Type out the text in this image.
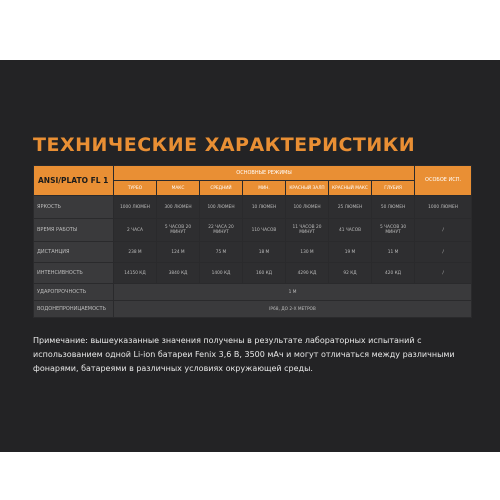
ТЕХНИЧЕСКИЕ ХАРАКТЕРИСТИКИ
ANSI/PLATO FL 1	ОСНОВНЫЕ РЕЖИМЫ							ОСОБОЕ ИСП.
	ТУРБО	МАКС	СРЕДНИЙ	МИН.	КРАСНЫЙ ЗАЛП	КРАСНЫЙ МАКС	ГЛУБИЯ	
ЯРКОСТЬ	1000 ЛЮМЕН	300 ЛЮМЕН	100 ЛЮМЕН	10 ЛЮМЕН	100 ЛЮМЕН	25 ЛЮМЕН	50 ЛЮМЕН	1000 ЛЮМЕН
ВРЕМЯ РАБОТЫ	2 ЧАСА	5 ЧАСОВ 20 МИНУТ	22 ЧАСА 20 МИНУТ	110 ЧАСОВ	11 ЧАСОВ 20 МИНУТ	41 ЧАСОВ	5 ЧАСОВ 30 МИНУТ	/
ДИСТАНЦИЯ	238 М	124 М	75 М	18 М	130 М	19 М	11 М	/
ИНТЕНСИВНОСТЬ	14150 КД	3840 КД	1400 КД	160 КД	4290 КД	92 КД	420 КД	/
УДАРОПРОЧНОСТЬ	1 М							
ВОДОНЕПРОНИЦАЕМОСТЬ	IP68, ДО 2-Х МЕТРОВ							
Примечание: вышеуказанные значения получены в результате лабораторных испытаний с использованием одной Li-ion батареи Fenix 3,6 В, 3500 мАч и могут отличаться между различными фонарями, батареями в различных условиях окружающей среды.
